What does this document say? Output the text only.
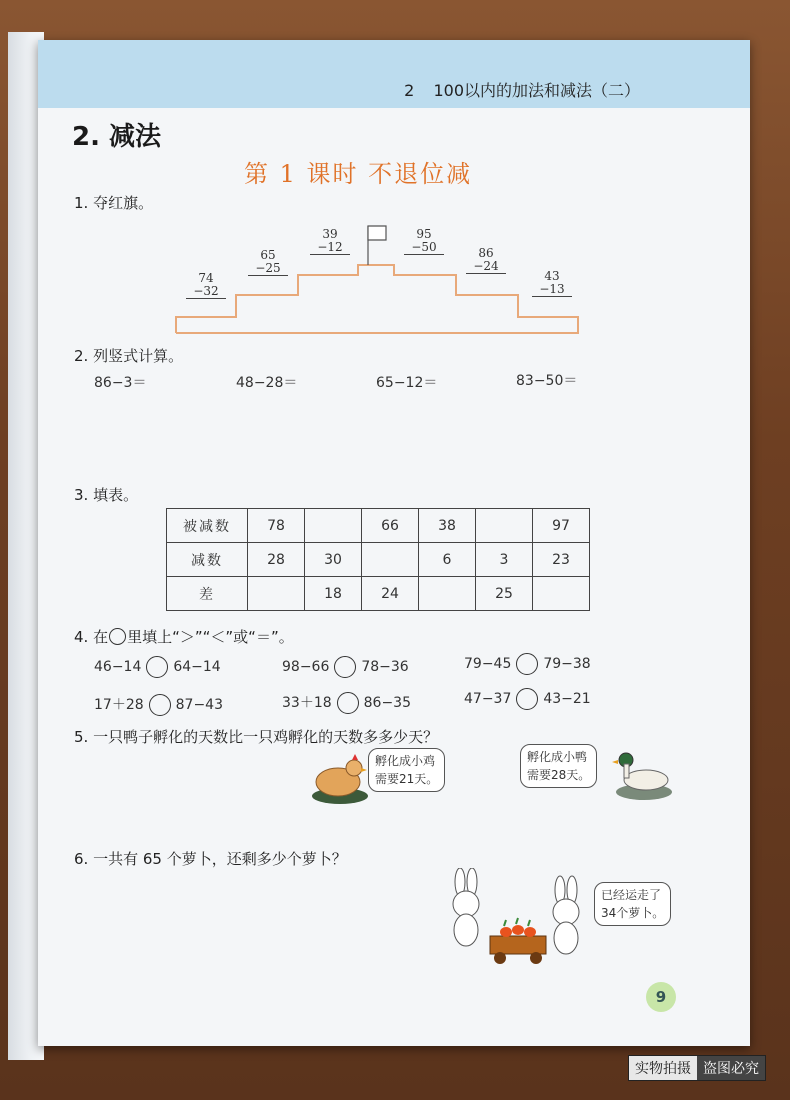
2 100以内的加法和减法（二）
2. 减法
第 1 课时 不退位减
1. 夺红旗。
74
−32
65
−25
39
−12
95
−50	86
−24
43
−13
2. 列竖式计算。
86−3＝	48−28＝	65−12＝	83−50＝
3. 填表。
被减数	78		66	38		97
减数	28	30		6	3	23
差		18	24		25	
4. 在 里填上“＞”“＜”或“＝”。
46−14 64−14	98−66 78−36	79−45 79−38
17＋28 87−43	33＋18 86−35	47−37 43−21
5. 一只鸭子孵化的天数比一只鸡孵化的天数多多少天？
孵化成小鸡
需要21天。
孵化成小鸭
需要28天。
6. 一共有 65 个萝卜，还剩多少个萝卜？
已经运走了
34个萝卜。
9
实物拍摄 盗图必究
